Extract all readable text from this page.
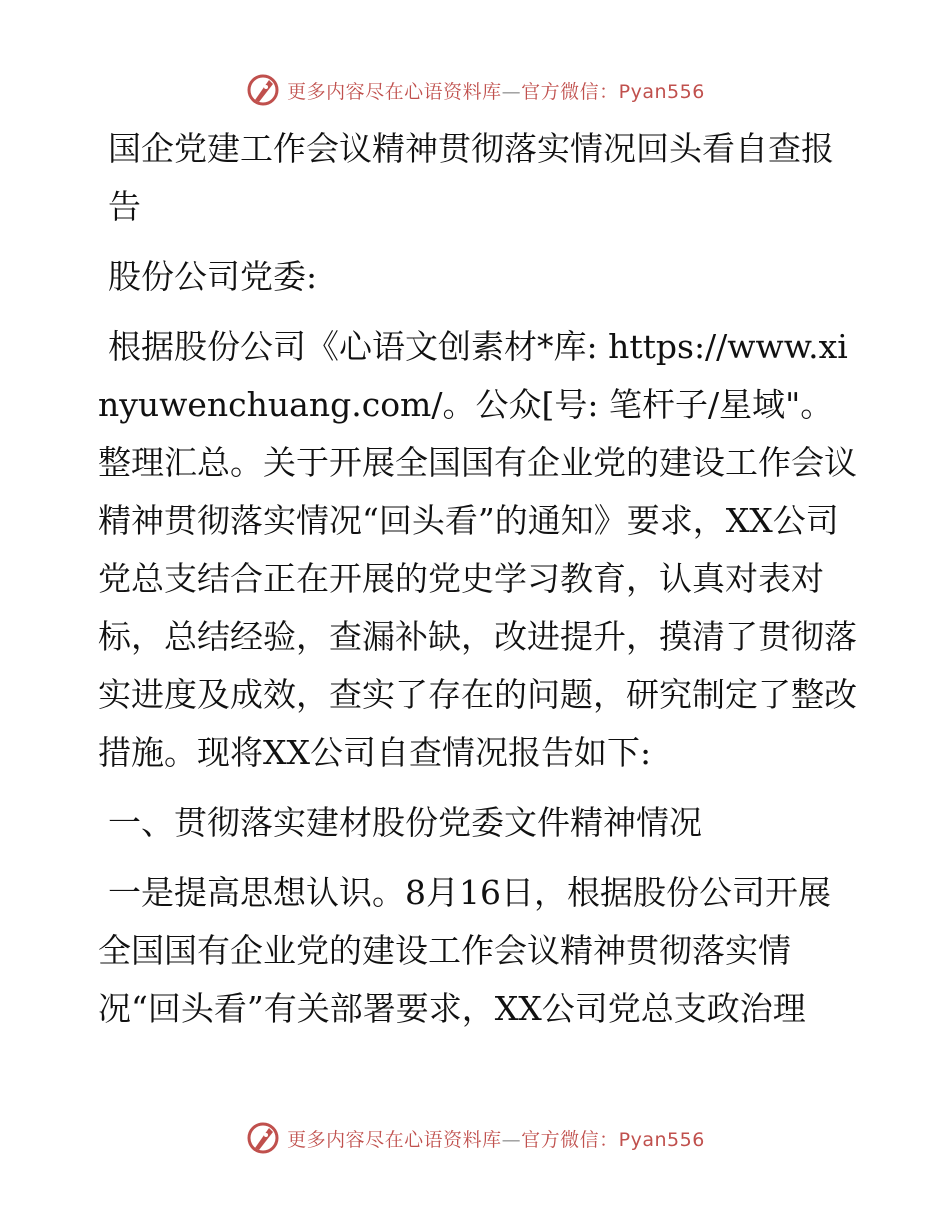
更多内容尽在心语资料库—官方微信：Pyan556

国企党建工作会议精神贯彻落实情况回头看自查报告

股份公司党委:

根据股份公司《心语文创素材*库: https://www.xinyuwenchuang.com/。公众[号: 笔杆子/星域"。整理汇总。关于开展全国国有企业党的建设工作会议精神贯彻落实情况“回头看”的通知》要求，XX公司党总支结合正在开展的党史学习教育，认真对表对标，总结经验，查漏补缺，改进提升，摸清了贯彻落实进度及成效，查实了存在的问题，研究制定了整改措施。现将XX公司自查情况报告如下:

一、贯彻落实建材股份党委文件精神情况

一是提高思想认识。8月16日，根据股份公司开展全国国有企业党的建设工作会议精神贯彻落实情况“回头看”有关部署要求，XX公司党总支政治理

更多内容尽在心语资料库—官方微信：Pyan556
